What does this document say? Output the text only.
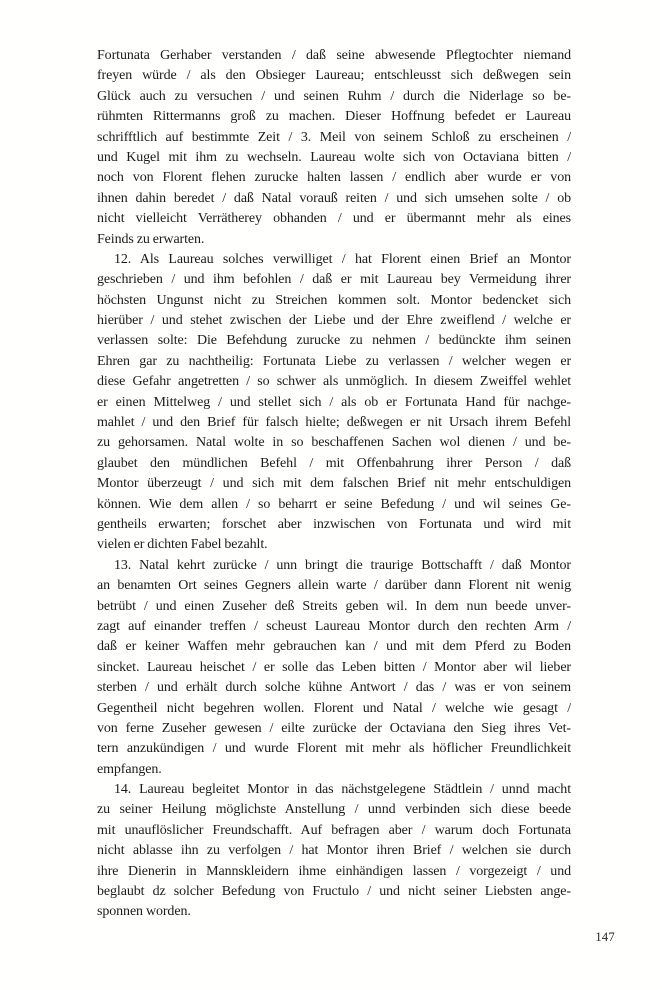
Fortunata Gerhaber verstanden / daß seine abwesende Pflegtochter niemand
freyen würde / als den Obsieger Laureau; entschleusst sich deßwegen sein
Glück auch zu versuchen / und seinen Ruhm / durch die Niderlage so be-
rühmten Rittermanns groß zu machen. Dieser Hoffnung befedet er Laureau
schrifftlich auf bestimmte Zeit / 3. Meil von seinem Schloß zu erscheinen /
und Kugel mit ihm zu wechseln. Laureau wolte sich von Octaviana bitten /
noch von Florent flehen zurucke halten lassen / endlich aber wurde er von
ihnen dahin beredet / daß Natal vorauß reiten / und sich umsehen solte / ob
nicht vielleicht Verrätherey obhanden / und er übermannt mehr als eines
Feinds zu erwarten.
12. Als Laureau solches verwilliget / hat Florent einen Brief an Montor
geschrieben / und ihm befohlen / daß er mit Laureau bey Vermeidung ihrer
höchsten Ungunst nicht zu Streichen kommen solt. Montor bedencket sich
hierüber / und stehet zwischen der Liebe und der Ehre zweiflend / welche er
verlassen solte: Die Befehdung zurucke zu nehmen / bedünckte ihm seinen
Ehren gar zu nachtheilig: Fortunata Liebe zu verlassen / welcher wegen er
diese Gefahr angetretten / so schwer als unmöglich. In diesem Zweiffel wehlet
er einen Mittelweg / und stellet sich / als ob er Fortunata Hand für nachge-
mahlet / und den Brief für falsch hielte; deßwegen er nit Ursach ihrem Befehl
zu gehorsamen. Natal wolte in so beschaffenen Sachen wol dienen / und be-
glaubet den mündlichen Befehl / mit Offenbahrung ihrer Person / daß
Montor überzeugt / und sich mit dem falschen Brief nit mehr entschuldigen
können. Wie dem allen / so beharrt er seine Befedung / und wil seines Ge-
gentheils erwarten; forschet aber inzwischen von Fortunata und wird mit
vielen er dichten Fabel bezahlt.
13. Natal kehrt zurücke / unn bringt die traurige Bottschafft / daß Montor
an benamten Ort seines Gegners allein warte / darüber dann Florent nit wenig
betrübt / und einen Zuseher deß Streits geben wil. In dem nun beede unver-
zagt auf einander treffen / scheust Laureau Montor durch den rechten Arm /
daß er keiner Waffen mehr gebrauchen kan / und mit dem Pferd zu Boden
sincket. Laureau heischet / er solle das Leben bitten / Montor aber wil lieber
sterben / und erhält durch solche kühne Antwort / das / was er von seinem
Gegentheil nicht begehren wollen. Florent und Natal / welche wie gesagt /
von ferne Zuseher gewesen / eilte zurücke der Octaviana den Sieg ihres Vet-
tern anzukündigen / und wurde Florent mit mehr als höflicher Freundlichkeit
empfangen.
14. Laureau begleitet Montor in das nächstgelegene Städtlein / unnd macht
zu seiner Heilung möglichste Anstellung / unnd verbinden sich diese beede
mit unauflöslicher Freundschafft. Auf befragen aber / warum doch Fortunata
nicht ablasse ihn zu verfolgen / hat Montor ihren Brief / welchen sie durch
ihre Dienerin in Mannskleidern ihme einhändigen lassen / vorgezeigt / und
beglaubt dz solcher Befedung von Fructulo / und nicht seiner Liebsten ange-
sponnen worden.
147
